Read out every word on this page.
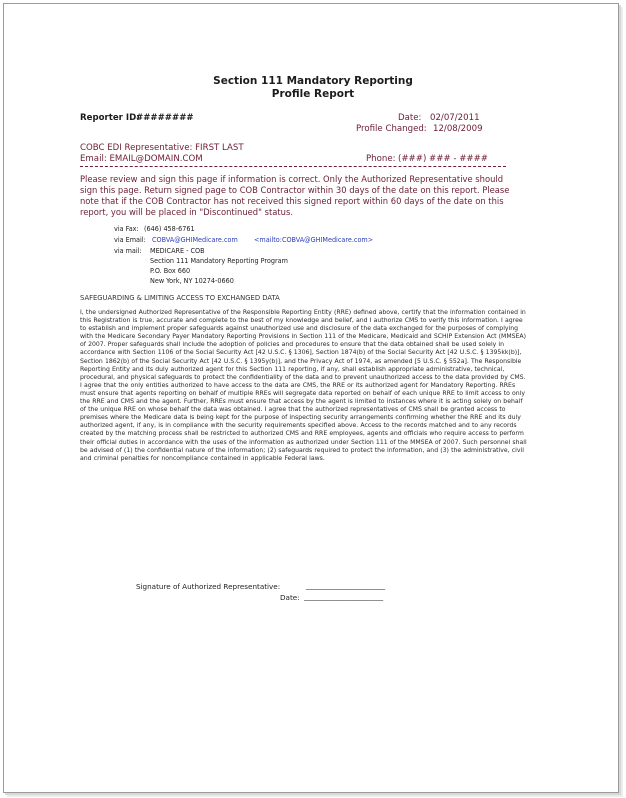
Section 111 Mandatory Reporting
Profile Report
Reporter ID:
########	Date: 02/07/2011
Profile Changed: 12/08/2009
COBC EDI Representative: FIRST LAST
Email: EMAIL@DOMAIN.COM	Phone: (###) ### - ####
Please review and sign this page if information is correct. Only the Authorized Representative should sign this page. Return signed page to COB Contractor within 30 days of the date on this report. Please note that if the COB Contractor has not received this signed report within 60 days of the date on this report, you will be placed in "Discontinued" status.
via Fax: (646) 458-6761
via Email: COBVA@GHIMedicare.com <mailto:COBVA@GHIMedicare.com>
via mail: MEDICARE - COB
Section 111 Mandatory Reporting Program
P.O. Box 660
New York, NY 10274-0660
SAFEGUARDING & LIMITING ACCESS TO EXCHANGED DATA
I, the undersigned Authorized Representative of the Responsible Reporting Entity (RRE) defined above, certify that the information contained in this Registration is true, accurate and complete to the best of my knowledge and belief, and I authorize CMS to verify this information. I agree to establish and implement proper safeguards against unauthorized use and disclosure of the data exchanged for the purposes of complying with the Medicare Secondary Payer Mandatory Reporting Provisions in Section 111 of the Medicare, Medicaid and SCHIP Extension Act (MMSEA) of 2007. Proper safeguards shall include the adoption of policies and procedures to ensure that the data obtained shall be used solely in accordance with Section 1106 of the Social Security Act [42 U.S.C. § 1306], Section 1874(b) of the Social Security Act [42 U.S.C. § 1395kk(b)], Section 1862(b) of the Social Security Act [42 U.S.C. § 1395y(b)], and the Privacy Act of 1974, as amended [5 U.S.C. § 552a]. The Responsible Reporting Entity and its duly authorized agent for this Section 111 reporting, if any, shall establish appropriate administrative, technical, procedural, and physical safeguards to protect the confidentiality of the data and to prevent unauthorized access to the data provided by CMS. I agree that the only entities authorized to have access to the data are CMS, the RRE or its authorized agent for Mandatory Reporting. RREs must ensure that agents reporting on behalf of multiple RREs will segregate data reported on behalf of each unique RRE to limit access to only the RRE and CMS and the agent. Further, RREs must ensure that access by the agent is limited to instances where it is acting solely on behalf of the unique RRE on whose behalf the data was obtained. I agree that the authorized representatives of CMS shall be granted access to premises where the Medicare data is being kept for the purpose of inspecting security arrangements confirming whether the RRE and its duly authorized agent, if any, is in compliance with the security requirements specified above. Access to the records matched and to any records created by the matching process shall be restricted to authorized CMS and RRE employees, agents and officials who require access to perform their official duties in accordance with the uses of the information as authorized under Section 111 of the MMSEA of 2007. Such personnel shall be advised of (1) the confidential nature of the information; (2) safeguards required to protect the information, and (3) the administrative, civil and criminal penalties for noncompliance contained in applicable Federal laws.
Signature of Authorized Representative:	______________________
Date: ______________________
